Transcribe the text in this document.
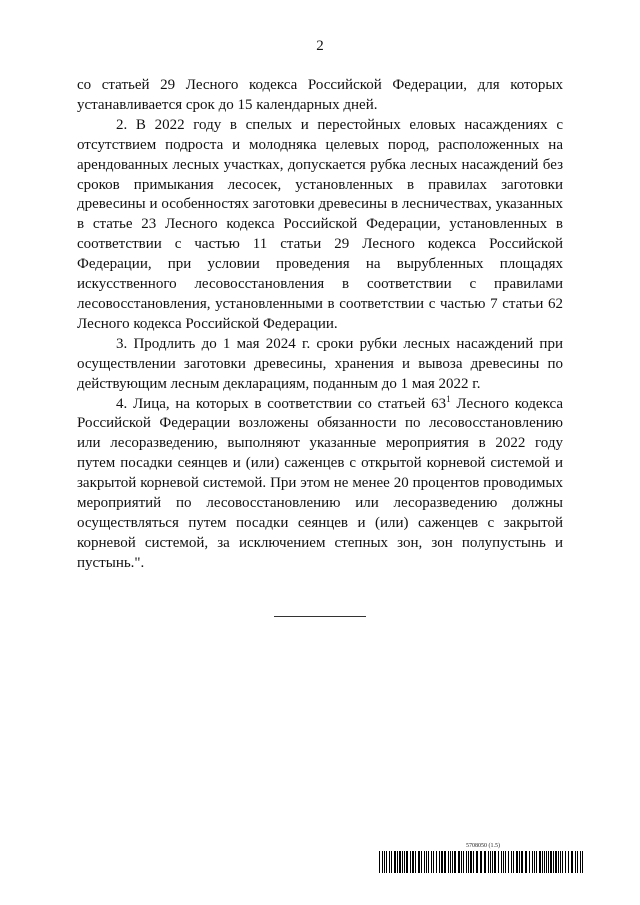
2

со статьей 29 Лесного кодекса Российской Федерации, для которых устанавливается срок до 15 календарных дней.

2. В 2022 году в спелых и перестойных еловых насаждениях с отсутствием подроста и молодняка целевых пород, расположенных на арендованных лесных участках, допускается рубка лесных насаждений без сроков примыкания лесосек, установленных в правилах заготовки древесины и особенностях заготовки древесины в лесничествах, указанных в статье 23 Лесного кодекса Российской Федерации, установленных в соответствии с частью 11 статьи 29 Лесного кодекса Российской Федерации, при условии проведения на вырубленных площадях искусственного лесовосстановления в соответствии с правилами лесовосстановления, установленными в соответствии с частью 7 статьи 62 Лесного кодекса Российской Федерации.

3. Продлить до 1 мая 2024 г. сроки рубки лесных насаждений при осуществлении заготовки древесины, хранения и вывоза древесины по действующим лесным декларациям, поданным до 1 мая 2022 г.

4. Лица, на которых в соответствии со статьей $63^1$ Лесного кодекса Российской Федерации возложены обязанности по лесовосстановлению или лесоразведению, выполняют указанные мероприятия в 2022 году путем посадки сеянцев и (или) саженцев с открытой корневой системой и закрытой корневой системой. При этом не менее 20 процентов проводимых мероприятий по лесовосстановлению или лесоразведению должны осуществляться путем посадки сеянцев и (или) саженцев с закрытой корневой системой, за исключением степных зон, зон полупустынь и пустынь.".

5708050 (1.5)
